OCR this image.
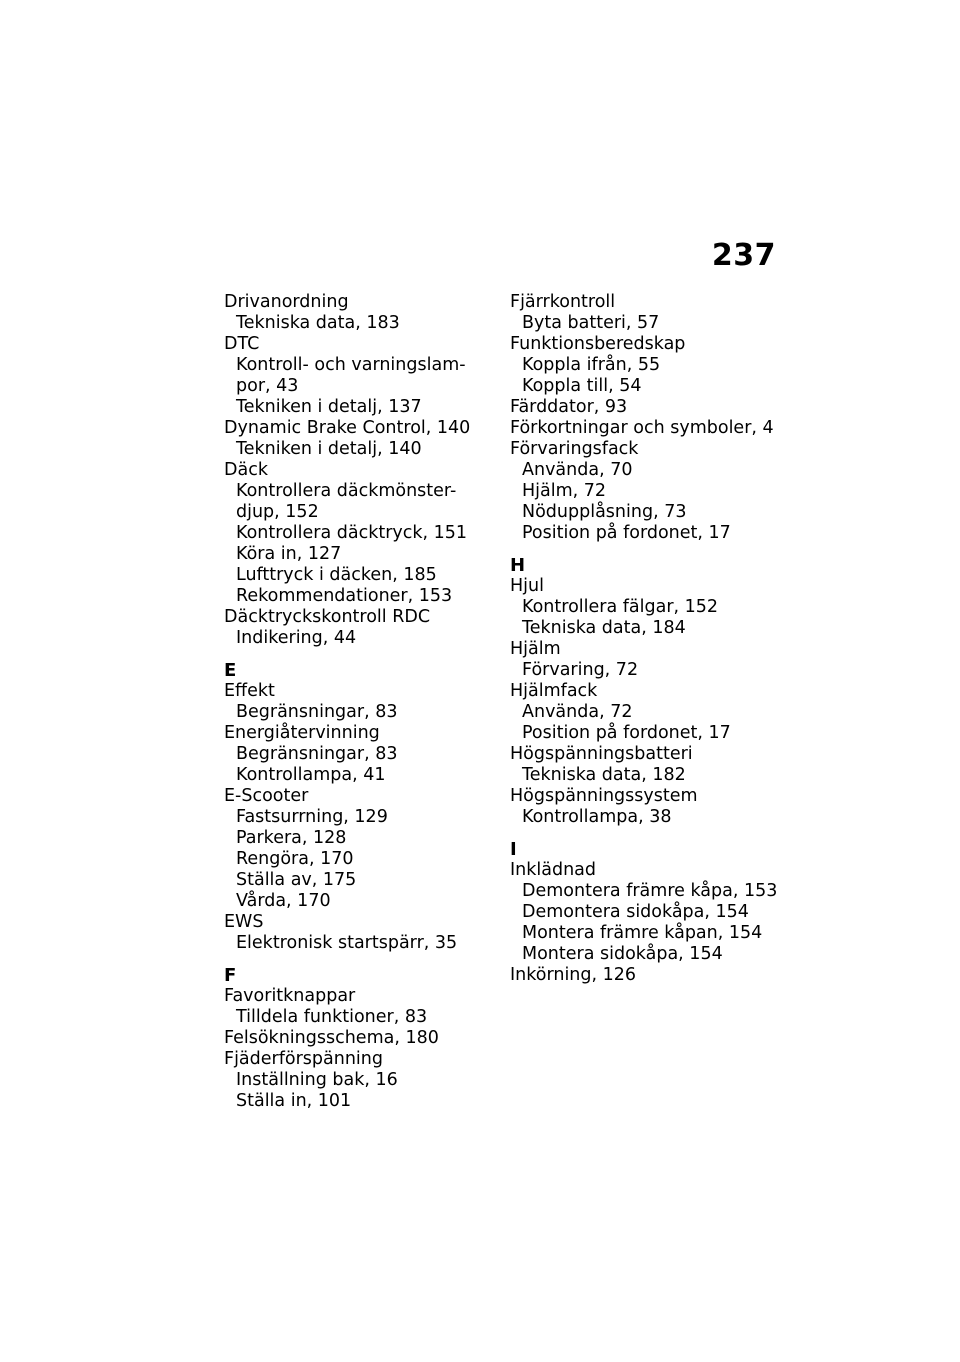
237
Drivanordning
Tekniska data, 183
DTC
Kontroll- och varningslam-
por, 43
Tekniken i detalj, 137
Dynamic Brake Control, 140
Tekniken i detalj, 140
Däck
Kontrollera däckmönster-
djup, 152
Kontrollera däcktryck, 151
Köra in, 127
Lufttryck i däcken, 185
Rekommendationer, 153
Däcktryckskontroll RDC
Indikering, 44
E
Effekt
Begränsningar, 83
Energiåtervinning
Begränsningar, 83
Kontrollampa, 41
E-Scooter
Fastsurrning, 129
Parkera, 128
Rengöra, 170
Ställa av, 175
Vårda, 170
EWS
Elektronisk startspärr, 35
F
Favoritknappar
Tilldela funktioner, 83
Felsökningsschema, 180
Fjäderförspänning
Inställning bak, 16
Ställa in, 101
Fjärrkontroll
Byta batteri, 57
Funktionsberedskap
Koppla ifrån, 55
Koppla till, 54
Färddator, 93
Förkortningar och symboler, 4
Förvaringsfack
Använda, 70
Hjälm, 72
Nödupplåsning, 73
Position på fordonet, 17
H
Hjul
Kontrollera fälgar, 152
Tekniska data, 184
Hjälm
Förvaring, 72
Hjälmfack
Använda, 72
Position på fordonet, 17
Högspänningsbatteri
Tekniska data, 182
Högspänningssystem
Kontrollampa, 38
I
Inklädnad
Demontera främre kåpa, 153
Demontera sidokåpa, 154
Montera främre kåpan, 154
Montera sidokåpa, 154
Inkörning, 126
